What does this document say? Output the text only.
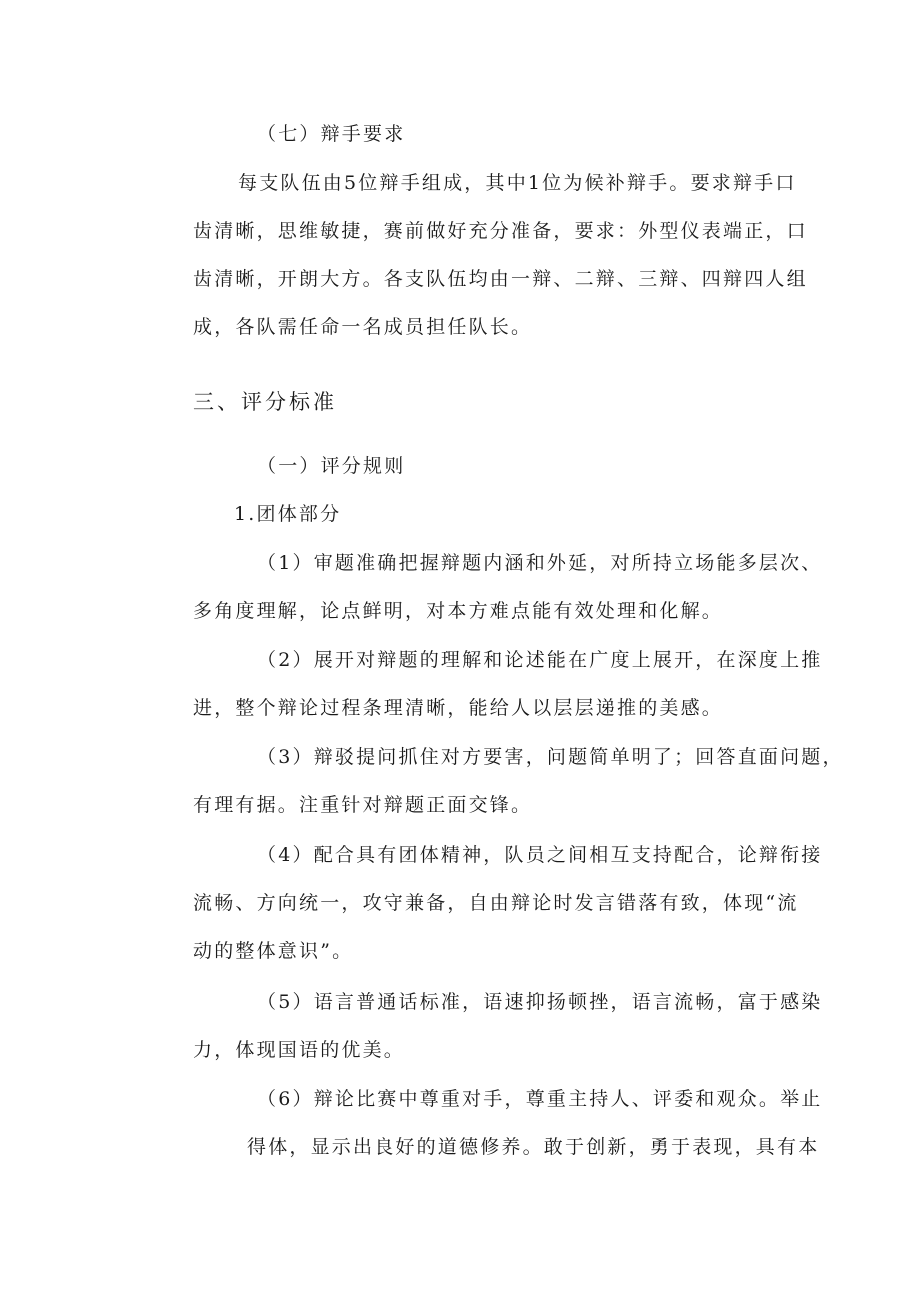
（七）辩手要求
每支队伍由5位辩手组成，其中1位为候补辩手。要求辩手口
齿清晰，思维敏捷，赛前做好充分准备，要求：外型仪表端正，口
齿清晰，开朗大方。各支队伍均由一辩、二辩、三辩、四辩四人组
成，各队需任命一名成员担任队长。
三、评分标准
（一）评分规则
1.团体部分
（1）审题准确把握辩题内涵和外延，对所持立场能多层次、
多角度理解，论点鲜明，对本方难点能有效处理和化解。
（2）展开对辩题的理解和论述能在广度上展开，在深度上推
进，整个辩论过程条理清晰，能给人以层层递推的美感。
（3）辩驳提问抓住对方要害，问题简单明了；回答直面问题，
有理有据。注重针对辩题正面交锋。
（4）配合具有团体精神，队员之间相互支持配合，论辩衔接
流畅、方向统一，攻守兼备，自由辩论时发言错落有致，体现“流
动的整体意识”。
（5）语言普通话标准，语速抑扬顿挫，语言流畅，富于感染
力，体现国语的优美。
（6）辩论比赛中尊重对手，尊重主持人、评委和观众。举止
得体，显示出良好的道德修养。敢于创新，勇于表现，具有本
